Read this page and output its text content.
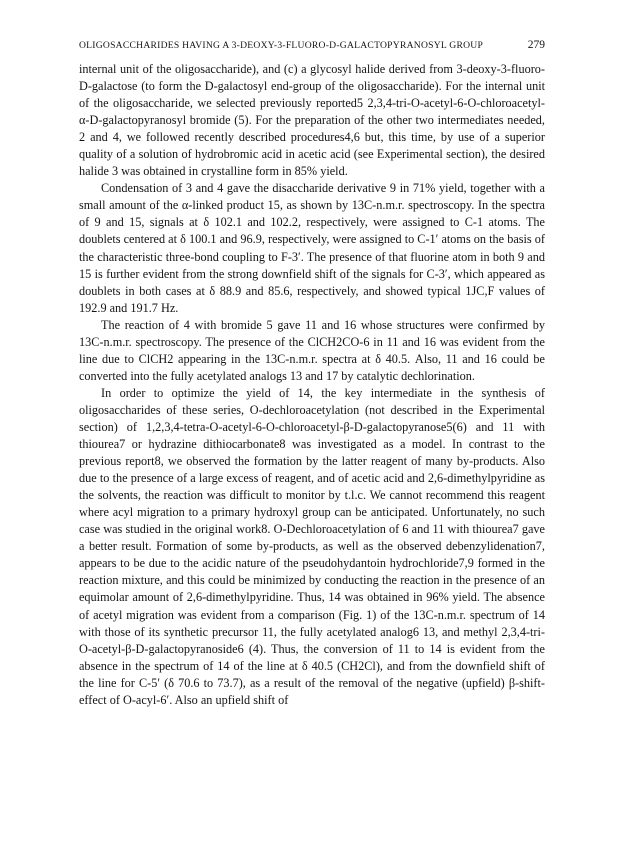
OLIGOSACCHARIDES HAVING A 3-DEOXY-3-FLUORO-D-GALACTOPYRANOSYL GROUP	279

internal unit of the oligosaccharide), and (c) a glycosyl halide derived from 3-deoxy-3-fluoro-D-galactose (to form the D-galactosyl end-group of the oligosaccharide). For the internal unit of the oligosaccharide, we selected previously reported5 2,3,4-tri-O-acetyl-6-O-chloroacetyl-α-D-galactopyranosyl bromide (5). For the preparation of the other two intermediates needed, 2 and 4, we followed recently described procedures4,6 but, this time, by use of a superior quality of a solution of hydrobromic acid in acetic acid (see Experimental section), the desired halide 3 was obtained in crystalline form in 85% yield.

Condensation of 3 and 4 gave the disaccharide derivative 9 in 71% yield, together with a small amount of the α-linked product 15, as shown by 13C-n.m.r. spectroscopy. In the spectra of 9 and 15, signals at δ 102.1 and 102.2, respectively, were assigned to C-1 atoms. The doublets centered at δ 100.1 and 96.9, respectively, were assigned to C-1′ atoms on the basis of the characteristic three-bond coupling to F-3′. The presence of that fluorine atom in both 9 and 15 is further evident from the strong downfield shift of the signals for C-3′, which appeared as doublets in both cases at δ 88.9 and 85.6, respectively, and showed typical 1JC,F values of 192.9 and 191.7 Hz.

The reaction of 4 with bromide 5 gave 11 and 16 whose structures were confirmed by 13C-n.m.r. spectroscopy. The presence of the ClCH2CO-6 in 11 and 16 was evident from the line due to ClCH2 appearing in the 13C-n.m.r. spectra at δ 40.5. Also, 11 and 16 could be converted into the fully acetylated analogs 13 and 17 by catalytic dechlorination.

In order to optimize the yield of 14, the key intermediate in the synthesis of oligosaccharides of these series, O-dechloroacetylation (not described in the Experimental section) of 1,2,3,4-tetra-O-acetyl-6-O-chloroacetyl-β-D-galactopyranose5(6) and 11 with thiourea7 or hydrazine dithiocarbonate8 was investigated as a model. In contrast to the previous report8, we observed the formation by the latter reagent of many by-products. Also due to the presence of a large excess of reagent, and of acetic acid and 2,6-dimethylpyridine as the solvents, the reaction was difficult to monitor by t.l.c. We cannot recommend this reagent where acyl migration to a primary hydroxyl group can be anticipated. Unfortunately, no such case was studied in the original work8. O-Dechloroacetylation of 6 and 11 with thiourea7 gave a better result. Formation of some by-products, as well as the observed debenzylidenation7, appears to be due to the acidic nature of the pseudohydantoin hydrochloride7,9 formed in the reaction mixture, and this could be minimized by conducting the reaction in the presence of an equimolar amount of 2,6-dimethylpyridine. Thus, 14 was obtained in 96% yield. The absence of acetyl migration was evident from a comparison (Fig. 1) of the 13C-n.m.r. spectrum of 14 with those of its synthetic precursor 11, the fully acetylated analog6 13, and methyl 2,3,4-tri-O-acetyl-β-D-galactopyranoside6 (4). Thus, the conversion of 11 to 14 is evident from the absence in the spectrum of 14 of the line at δ 40.5 (CH2Cl), and from the downfield shift of the line for C-5′ (δ 70.6 to 73.7), as a result of the removal of the negative (upfield) β-shift-effect of O-acyl-6′. Also an upfield shift of
